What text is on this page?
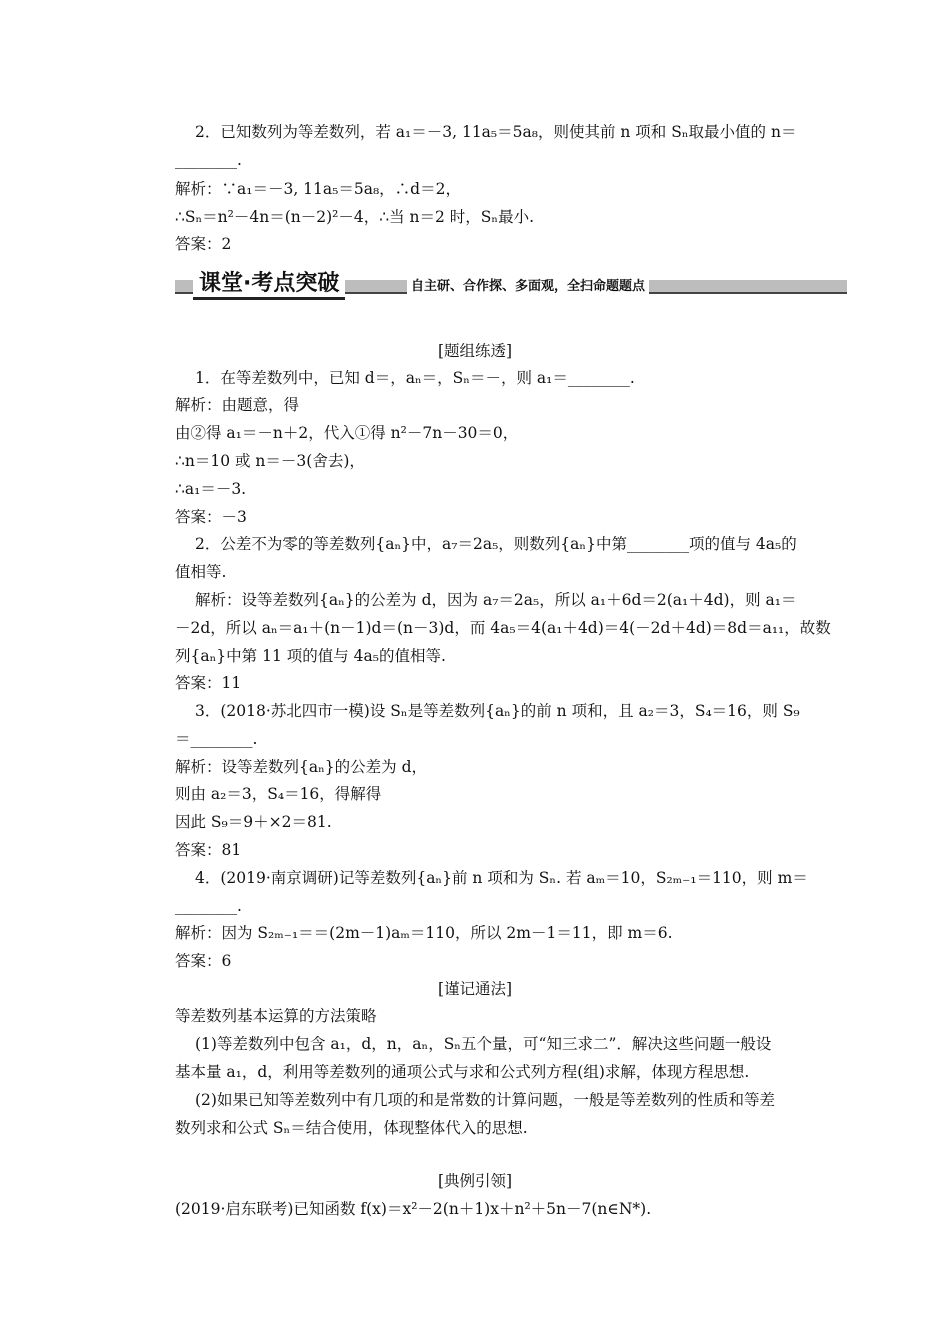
2．已知数列为等差数列，若 a₁＝－3, 11a₅＝5a₈，则使其前 n 项和 Sₙ取最小值的 n＝
________.
解析：∵a₁＝－3, 11a₅＝5a₈，∴d＝2，
∴Sₙ＝n²－4n＝(n－2)²－4，∴当 n＝2 时，Sₙ最小.
答案：2
课堂·考点突破	自主研、合作探、多面观，全扫命题题点
[题组练透]
1．在等差数列中，已知 d＝，aₙ＝，Sₙ＝－，则 a₁＝________.
解析：由题意，得
由②得 a₁＝－n＋2，代入①得 n²－7n－30＝0，
∴n＝10 或 n＝－3(舍去)，
∴a₁＝－3.
答案：－3
2．公差不为零的等差数列{aₙ}中，a₇＝2a₅，则数列{aₙ}中第________项的值与 4a₅的
值相等.
解析：设等差数列{aₙ}的公差为 d，因为 a₇＝2a₅，所以 a₁＋6d＝2(a₁＋4d)，则 a₁＝
－2d，所以 aₙ＝a₁＋(n－1)d＝(n－3)d，而 4a₅＝4(a₁＋4d)＝4(－2d＋4d)＝8d＝a₁₁，故数
列{aₙ}中第 11 项的值与 4a₅的值相等.
答案：11
3．(2018·苏北四市一模)设 Sₙ是等差数列{aₙ}的前 n 项和，且 a₂＝3，S₄＝16，则 S₉
＝________.
解析：设等差数列{aₙ}的公差为 d，
则由 a₂＝3，S₄＝16，得解得
因此 S₉＝9＋×2＝81.
答案：81
4．(2019·南京调研)记等差数列{aₙ}前 n 项和为 Sₙ. 若 aₘ＝10，S₂ₘ₋₁＝110，则 m＝
________.
解析：因为 S₂ₘ₋₁＝＝(2m－1)aₘ＝110，所以 2m－1＝11，即 m＝6.
答案：6
[谨记通法]
等差数列基本运算的方法策略
(1)等差数列中包含 a₁，d，n，aₙ，Sₙ五个量，可“知三求二”．解决这些问题一般设
基本量 a₁，d，利用等差数列的通项公式与求和公式列方程(组)求解，体现方程思想.
(2)如果已知等差数列中有几项的和是常数的计算问题，一般是等差数列的性质和等差
数列求和公式 Sₙ＝结合使用，体现整体代入的思想.
[典例引领]
(2019·启东联考)已知函数 f(x)＝x²－2(n＋1)x＋n²＋5n－7(n∈N*).
